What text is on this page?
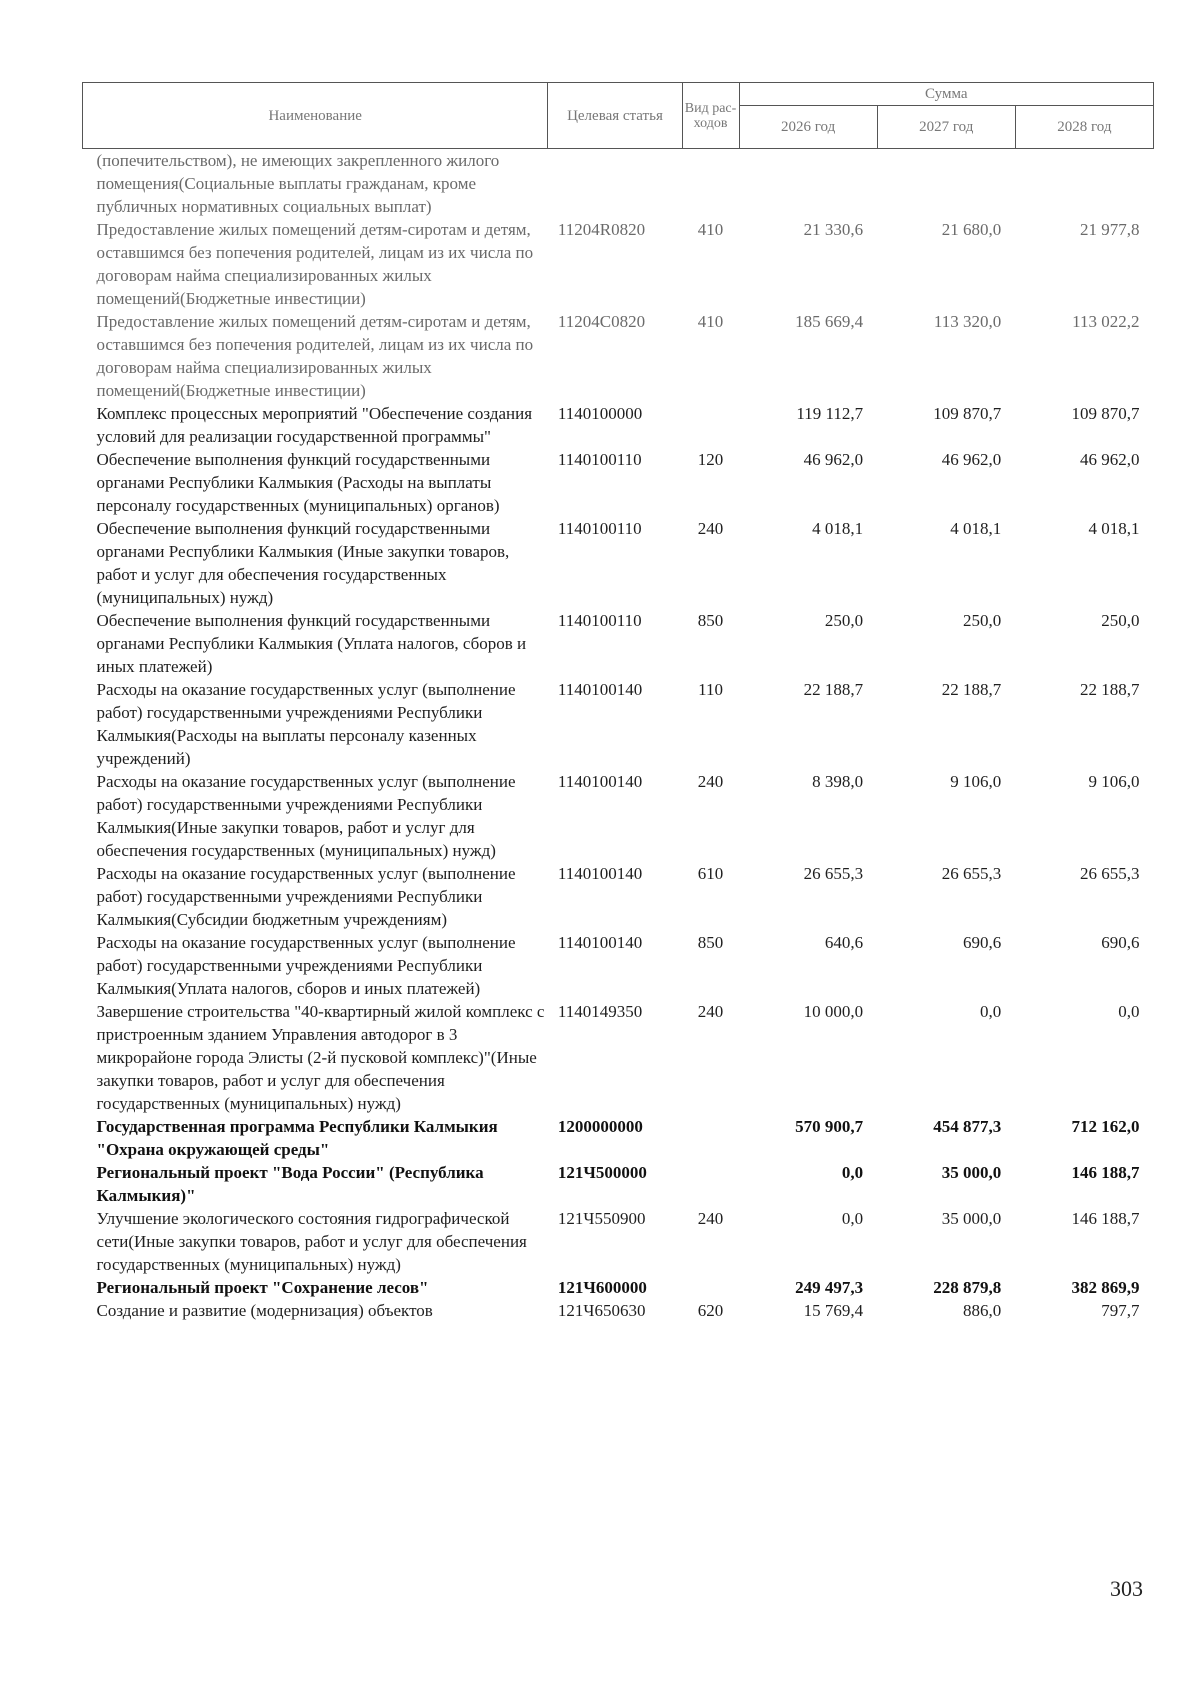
Наименование	Целевая статья	Вид рас-ходов	Сумма		
			2026 год	2027 год	2028 год
(попечительством), не имеющих закрепленного жилого помещения(Социальные выплаты гражданам, кроме публичных нормативных социальных выплат)					
Предоставление жилых помещений детям-сиротам и детям, оставшимся без попечения родителей, лицам из их числа по договорам найма специализированных жилых помещений(Бюджетные инвестиции)	11204R0820	410	21 330,6	21 680,0	21 977,8
Предоставление жилых помещений детям-сиротам и детям, оставшимся без попечения родителей, лицам из их числа по договорам найма специализированных жилых помещений(Бюджетные инвестиции)	11204С0820	410	185 669,4	113 320,0	113 022,2
Комплекс процессных мероприятий "Обеспечение создания условий для реализации государственной программы"	1140100000		119 112,7	109 870,7	109 870,7
Обеспечение выполнения функций государственными органами Республики Калмыкия (Расходы на выплаты персоналу государственных (муниципальных) органов)	1140100110	120	46 962,0	46 962,0	46 962,0
Обеспечение выполнения функций государственными органами Республики Калмыкия (Иные закупки товаров, работ и услуг для обеспечения государственных (муниципальных) нужд)	1140100110	240	4 018,1	4 018,1	4 018,1
Обеспечение выполнения функций государственными органами Республики Калмыкия (Уплата налогов, сборов и иных платежей)	1140100110	850	250,0	250,0	250,0
Расходы на оказание государственных услуг (выполнение работ) государственными учреждениями Республики Калмыкия(Расходы на выплаты персоналу казенных учреждений)	1140100140	110	22 188,7	22 188,7	22 188,7
Расходы на оказание государственных услуг (выполнение работ) государственными учреждениями Республики Калмыкия(Иные закупки товаров, работ и услуг для обеспечения государственных (муниципальных) нужд)	1140100140	240	8 398,0	9 106,0	9 106,0
Расходы на оказание государственных услуг (выполнение работ) государственными учреждениями Республики Калмыкия(Субсидии бюджетным учреждениям)	1140100140	610	26 655,3	26 655,3	26 655,3
Расходы на оказание государственных услуг (выполнение работ) государственными учреждениями Республики Калмыкия(Уплата налогов, сборов и иных платежей)	1140100140	850	640,6	690,6	690,6
Завершение строительства "40-квартирный жилой комплекс с пристроенным зданием Управления автодорог в 3 микрорайоне города Элисты (2-й пусковой комплекс)"(Иные закупки товаров, работ и услуг для обеспечения государственных (муниципальных) нужд)	1140149350	240	10 000,0	0,0	0,0
Государственная программа Республики Калмыкия "Охрана окружающей среды"	1200000000		570 900,7	454 877,3	712 162,0
Региональный проект "Вода России" (Республика Калмыкия)"	121Ч500000		0,0	35 000,0	146 188,7
Улучшение экологического состояния гидрографической сети(Иные закупки товаров, работ и услуг для обеспечения государственных (муниципальных) нужд)	121Ч550900	240	0,0	35 000,0	146 188,7
Региональный проект "Сохранение лесов"	121Ч600000		249 497,3	228 879,8	382 869,9
Создание и развитие (модернизация) объектов	121Ч650630	620	15 769,4	886,0	797,7
303
